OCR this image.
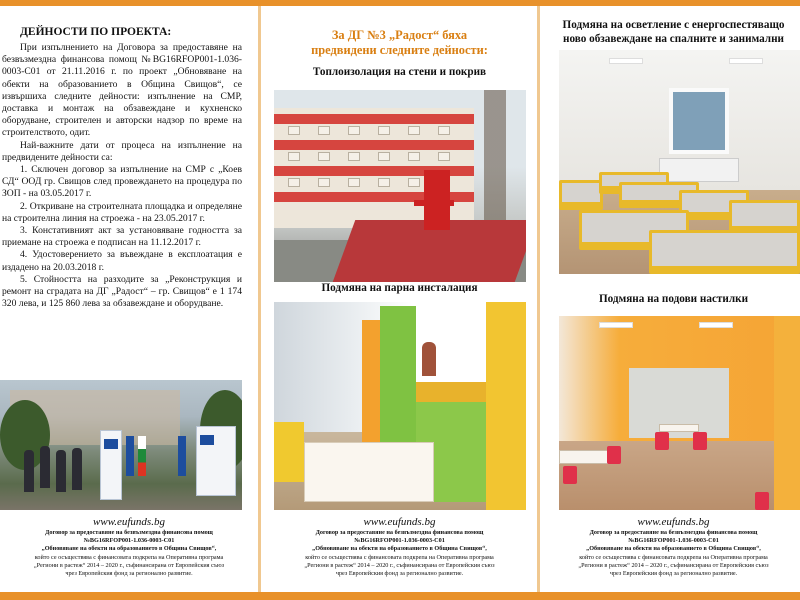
ДЕЙНОСТИ ПО ПРОЕКТА:

При изпълнението на Договора за предоставяне на безвъзмездна финансова помощ №BG16RFOP001-1.036-0003-C01 от 21.11.2016 г. по проект „Обновяване на обекти на образованието в Община Свищов“, се извършиха следните дейности: изпълнение на СМР, доставка и монтаж на обзавеждане и кухненско оборудване, строителен и авторски надзор по време на строителството, одит.

Най-важните дати от процеса на изпълнение на предвидените дейности са:

1. Сключен договор за изпълнение на СМР с „Коев СД“ ООД гр. Свищов след провеждането на процедура по ЗОП - на 03.05.2017 г.

2. Откриване на строителната площадка и определяне на строителна линия на строежа - на 23.05.2017 г.

3. Констативният акт за установяване годността за приемане на строежа е подписан на 11.12.2017 г.

4. Удостоверението за въвеждане в експлоатация е издадено на 20.03.2018 г.

5. Стойността на разходите за „Реконструкция и ремонт на сградата на ДГ „Радост“ – гр. Свищов“ е 1 174 320 лева, и 125 860 лева за обзавеждане и оборудване.

www.eufunds.bg
Договор за предоставяне на безвъзмездна финансова помощ
№BG16RFOP001-1.036-0003-C01
„Обновяване на обекти на образованието в Община Свищов“,
който се осъществява с финансовата подкрепа на Оперативна програма
„Региони в растеж“ 2014 – 2020 г., съфинансирана от Европейския съюз
чрез Европейския фонд за регионално развитие.
За ДГ №3 „Радост“ бяха
предвидени следните дейности:
Топлоизолация на стени и покрив
Подмяна на парна инсталация
www.eufunds.bg
Договор за предоставяне на безвъзмездна финансова помощ
№BG16RFOP001-1.036-0003-C01
„Обновяване на обекти на образованието в Община Свищов“,
който се осъществява с финансовата подкрепа на Оперативна програма
„Региони в растеж“ 2014 – 2020 г., съфинансирана от Европейския съюз
чрез Европейския фонд за регионално развитие.
Подмяна на осветление с енергоспестяващо
ново обзавеждане на спалните и занимални
Подмяна на подови настилки
www.eufunds.bg
Договор за предоставяне на безвъзмездна финансова помощ
№BG16RFOP001-1.036-0003-C01
„Обновяване на обекти на образованието в Община Свищов“,
който се осъществява с финансовата подкрепа на Оперативна програма
„Региони в растеж“ 2014 – 2020 г., съфинансирана от Европейския съюз
чрез Европейския фонд за регионално развитие.
